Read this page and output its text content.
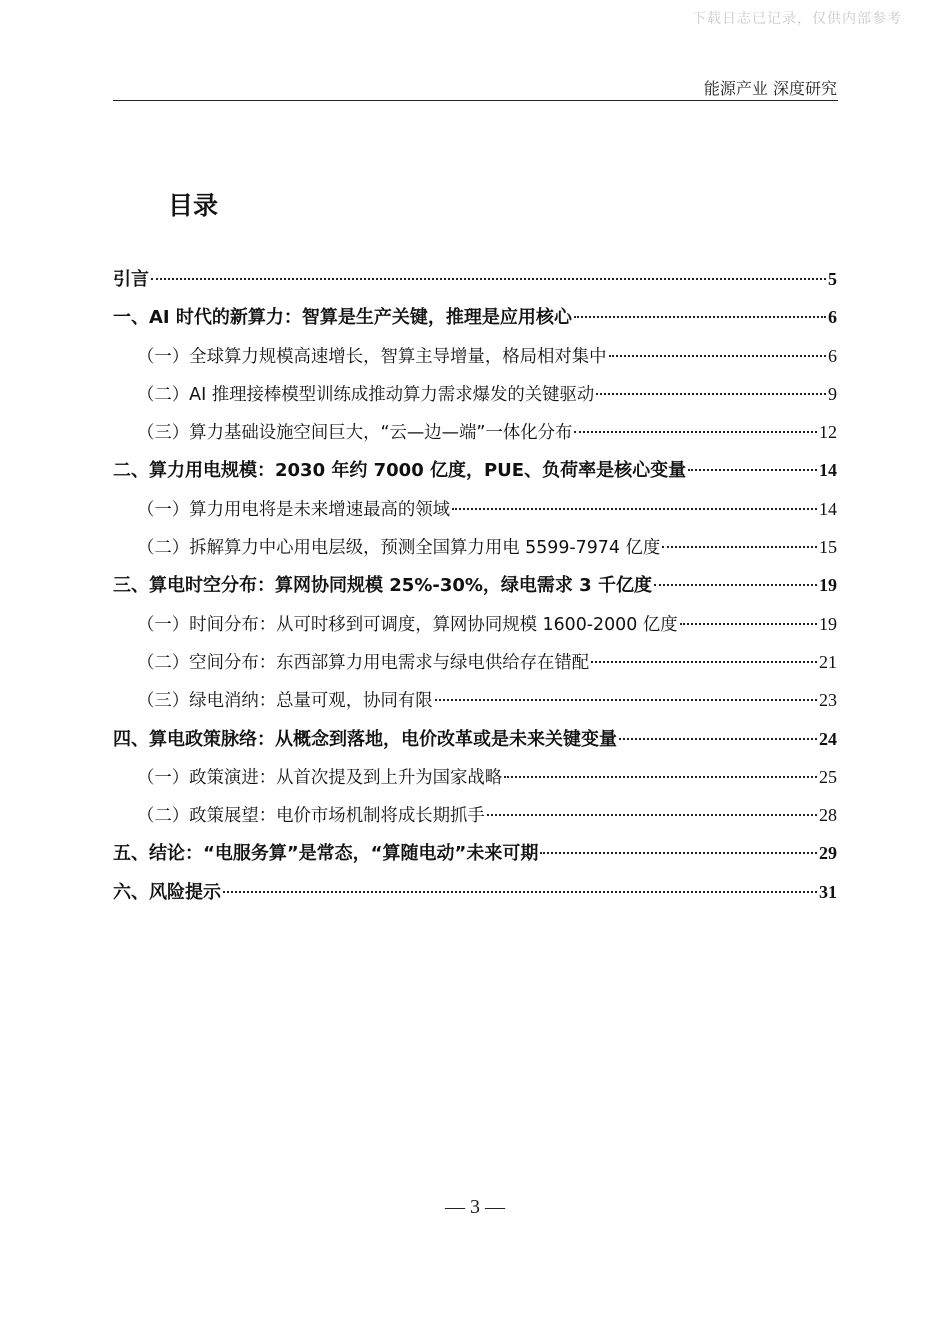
下载日志已记录，仅供内部参考
能源产业 深度研究
目录
引言	5
一、AI 时代的新算力：智算是生产关键，推理是应用核心	6
（一）全球算力规模高速增长，智算主导增量，格局相对集中	6
（二）AI 推理接棒模型训练成推动算力需求爆发的关键驱动	9
（三）算力基础设施空间巨大，“云—边—端”一体化分布	12
二、算力用电规模：2030 年约 7000 亿度，PUE、负荷率是核心变量	14
（一）算力用电将是未来增速最高的领域	14
（二）拆解算力中心用电层级，预测全国算力用电 5599-7974 亿度	15
三、算电时空分布：算网协同规模 25%-30%，绿电需求 3 千亿度	19
（一）时间分布：从可时移到可调度，算网协同规模 1600-2000 亿度	19
（二）空间分布：东西部算力用电需求与绿电供给存在错配	21
（三）绿电消纳：总量可观，协同有限	23
四、算电政策脉络：从概念到落地，电价改革或是未来关键变量	24
（一）政策演进：从首次提及到上升为国家战略	25
（二）政策展望：电价市场机制将成长期抓手	28
五、结论：“电服务算”是常态，“算随电动”未来可期	29
六、风险提示	31
— 3 —
